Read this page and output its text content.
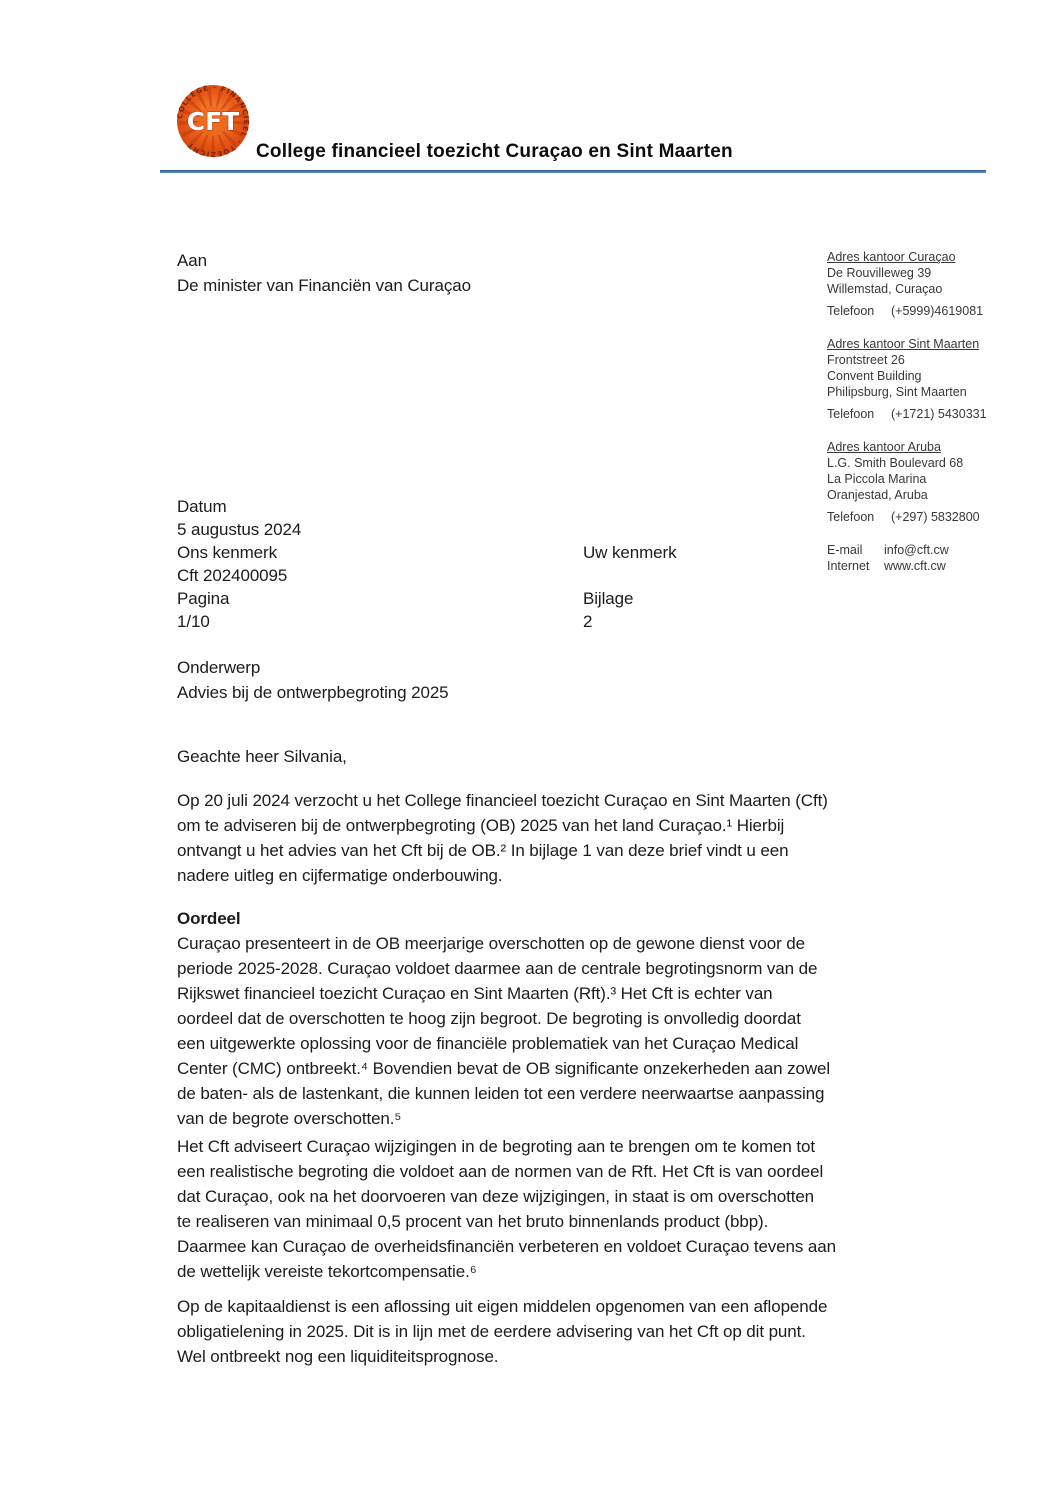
COLLEGE · FINANCIEEL · TOEZICHT
CFT
College financieel toezicht Curaçao en Sint Maarten
Aan
De minister van Financiën van Curaçao
Adres kantoor Curaçao
De Rouvilleweg 39
Willemstad, Curaçao
Telefoon	(+5999)4619081
Adres kantoor Sint Maarten
Frontstreet 26
Convent Building
Philipsburg, Sint Maarten
Telefoon	(+1721) 5430331
Adres kantoor Aruba
L.G. Smith Boulevard 68
La Piccola Marina
Oranjestad, Aruba
Telefoon	(+297) 5832800
E-mail	info@cft.cw
Internet	www.cft.cw
Datum
5 augustus 2024
Ons kenmerk
Cft 202400095
Pagina
1/10
Uw kenmerk
Bijlage
2
Onderwerp
Advies bij de ontwerpbegroting 2025
Geachte heer Silvania,
Op 20 juli 2024 verzocht u het College financieel toezicht Curaçao en Sint Maarten (Cft)
om te adviseren bij de ontwerpbegroting (OB) 2025 van het land Curaçao.¹ Hierbij
ontvangt u het advies van het Cft bij de OB.² In bijlage 1 van deze brief vindt u een
nadere uitleg en cijfermatige onderbouwing.
Oordeel
Curaçao presenteert in de OB meerjarige overschotten op de gewone dienst voor de
periode 2025-2028. Curaçao voldoet daarmee aan de centrale begrotingsnorm van de
Rijkswet financieel toezicht Curaçao en Sint Maarten (Rft).³ Het Cft is echter van
oordeel dat de overschotten te hoog zijn begroot. De begroting is onvolledig doordat
een uitgewerkte oplossing voor de financiële problematiek van het Curaçao Medical
Center (CMC) ontbreekt.⁴ Bovendien bevat de OB significante onzekerheden aan zowel
de baten- als de lastenkant, die kunnen leiden tot een verdere neerwaartse aanpassing
van de begrote overschotten.⁵
Het Cft adviseert Curaçao wijzigingen in de begroting aan te brengen om te komen tot
een realistische begroting die voldoet aan de normen van de Rft. Het Cft is van oordeel
dat Curaçao, ook na het doorvoeren van deze wijzigingen, in staat is om overschotten
te realiseren van minimaal 0,5 procent van het bruto binnenlands product (bbp).
Daarmee kan Curaçao de overheidsfinanciën verbeteren en voldoet Curaçao tevens aan
de wettelijk vereiste tekortcompensatie.⁶
Op de kapitaaldienst is een aflossing uit eigen middelen opgenomen van een aflopende
obligatielening in 2025. Dit is in lijn met de eerdere advisering van het Cft op dit punt.
Wel ontbreekt nog een liquiditeitsprognose.
